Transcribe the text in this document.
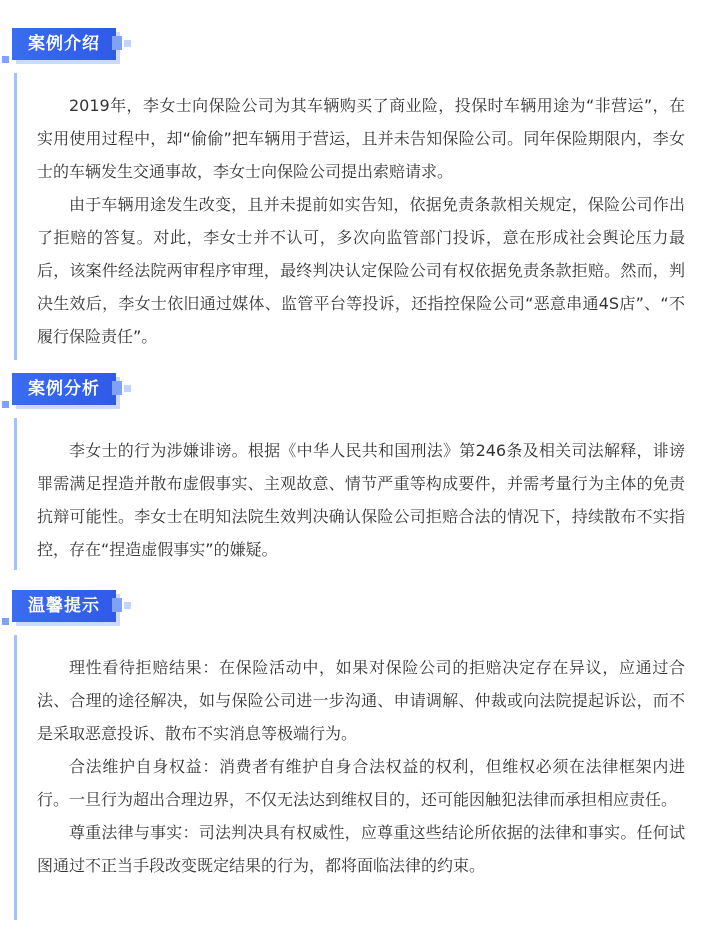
案例介绍

2019年，李女士向保险公司为其车辆购买了商业险，投保时车辆用途为“非营运”，在实用使用过程中，却“偷偷”把车辆用于营运，且并未告知保险公司。同年保险期限内，李女士的车辆发生交通事故，李女士向保险公司提出索赔请求。

由于车辆用途发生改变，且并未提前如实告知，依据免责条款相关规定，保险公司作出了拒赔的答复。对此，李女士并不认可，多次向监管部门投诉，意在形成社会舆论压力最后，该案件经法院两审程序审理，最终判决认定保险公司有权依据免责条款拒赔。然而，判决生效后，李女士依旧通过媒体、监管平台等投诉，还指控保险公司“恶意串通4S店”、“不履行保险责任”。

案例分析

李女士的行为涉嫌诽谤。根据《中华人民共和国刑法》第246条及相关司法解释，诽谤罪需满足捏造并散布虚假事实、主观故意、情节严重等构成要件，并需考量行为主体的免责抗辩可能性。李女士在明知法院生效判决确认保险公司拒赔合法的情况下，持续散布不实指控，存在“捏造虚假事实”的嫌疑。

温馨提示

理性看待拒赔结果：在保险活动中，如果对保险公司的拒赔决定存在异议，应通过合法、合理的途径解决，如与保险公司进一步沟通、申请调解、仲裁或向法院提起诉讼，而不是采取恶意投诉、散布不实消息等极端行为。

合法维护自身权益：消费者有维护自身合法权益的权利，但维权必须在法律框架内进行。一旦行为超出合理边界，不仅无法达到维权目的，还可能因触犯法律而承担相应责任。

尊重法律与事实：司法判决具有权威性，应尊重这些结论所依据的法律和事实。任何试图通过不正当手段改变既定结果的行为，都将面临法律的约束。
